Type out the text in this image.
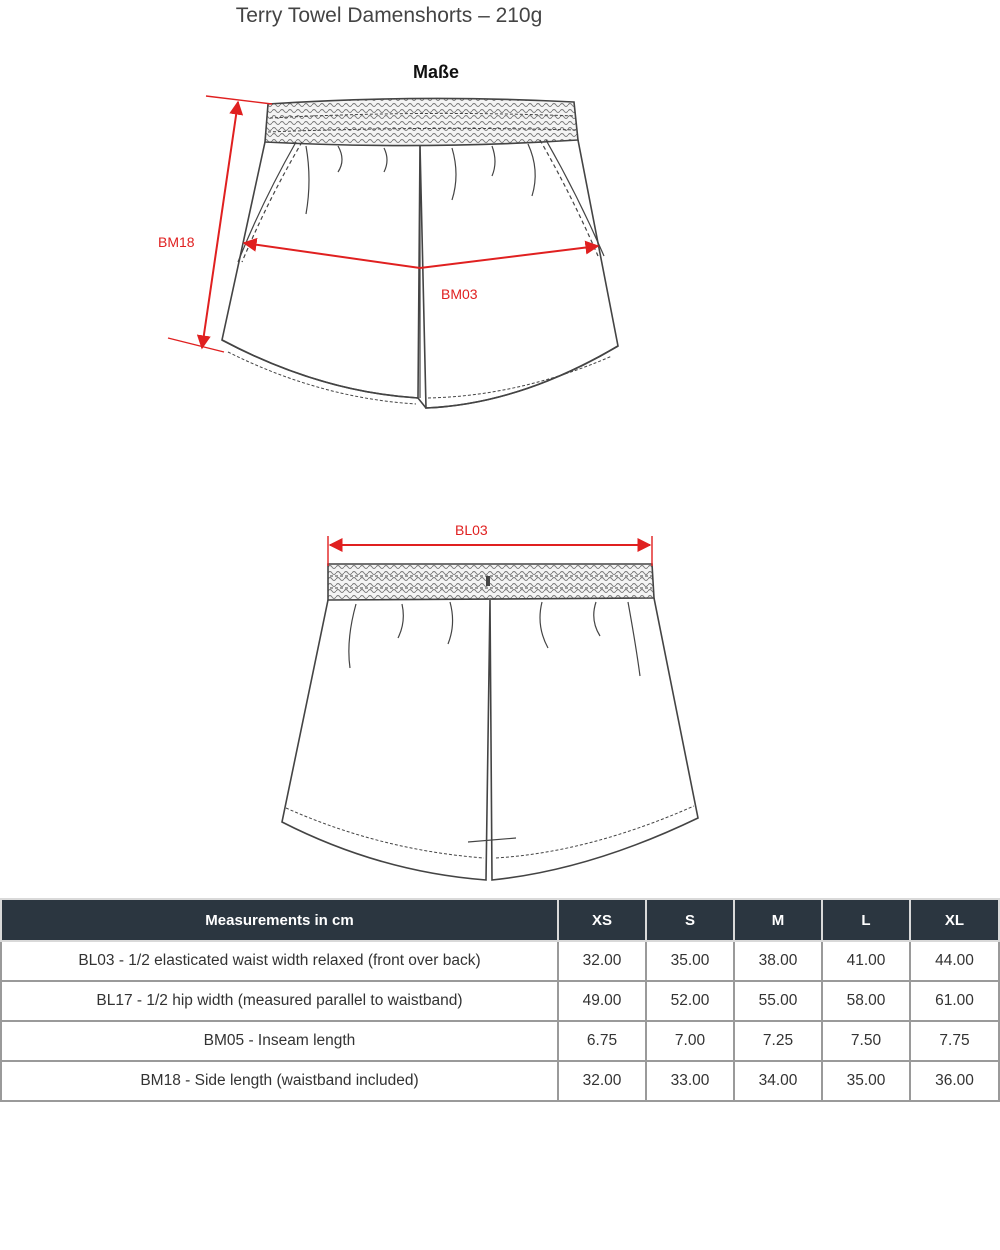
Terry Towel Damenshorts – 210g
Maße
BM18
BM03
BL03
Measurements in cm	XS	S	M	L	XL
BL03 - 1/2 elasticated waist width relaxed (front over back)	32.00	35.00	38.00	41.00	44.00
BL17 - 1/2 hip width (measured parallel to waistband)	49.00	52.00	55.00	58.00	61.00
BM05 - Inseam length	6.75	7.00	7.25	7.50	7.75
BM18 - Side length (waistband included)	32.00	33.00	34.00	35.00	36.00
